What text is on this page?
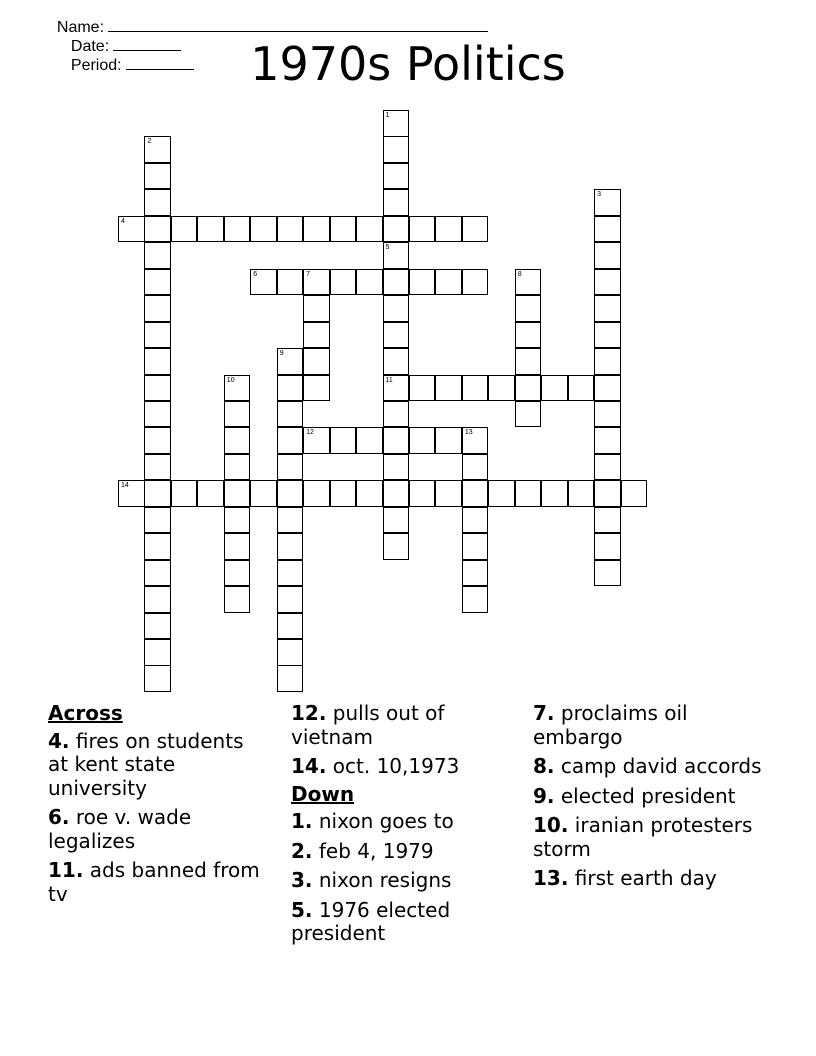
Name:
Date:
Period:	1970s Politics
14
2
4
1
3
6	7
11
5
8
9
10
12	13
Across
4. fires on students at kent state university
6. roe v. wade legalizes
11. ads banned from tv
12. pulls out of vietnam
14. oct. 10,1973
Down
1. nixon goes to
2. feb 4, 1979
3. nixon resigns
5. 1976 elected president
7. proclaims oil embargo
8. camp david accords
9. elected president
10. iranian protesters storm
13. first earth day
